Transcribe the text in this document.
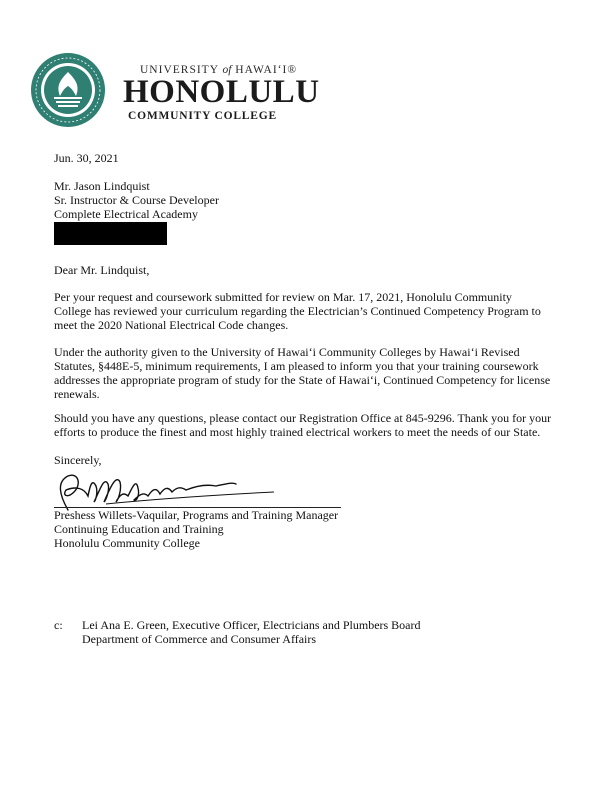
UNIVERSITY of HAWAI‘I®
HONOLULU
COMMUNITY COLLEGE
Jun. 30, 2021
Mr. Jason Lindquist
Sr. Instructor & Course Developer
Complete Electrical Academy
Dear Mr. Lindquist,
Per your request and coursework submitted for review on Mar. 17, 2021, Honolulu Community
College has reviewed your curriculum regarding the Electrician’s Continued Competency Program to
meet the 2020 National Electrical Code changes.
Under the authority given to the University of Hawai‘i Community Colleges by Hawai‘i Revised
Statutes, §448E-5, minimum requirements, I am pleased to inform you that your training coursework
addresses the appropriate program of study for the State of Hawai‘i, Continued Competency for license
renewals.
Should you have any questions, please contact our Registration Office at 845-9296. Thank you for your
efforts to produce the finest and most highly trained electrical workers to meet the needs of our State.
Sincerely,
Preshess Willets-Vaquilar, Programs and Training Manager
Continuing Education and Training
Honolulu Community College
c: Lei Ana E. Green, Executive Officer, Electricians and Plumbers Board
Department of Commerce and Consumer Affairs
